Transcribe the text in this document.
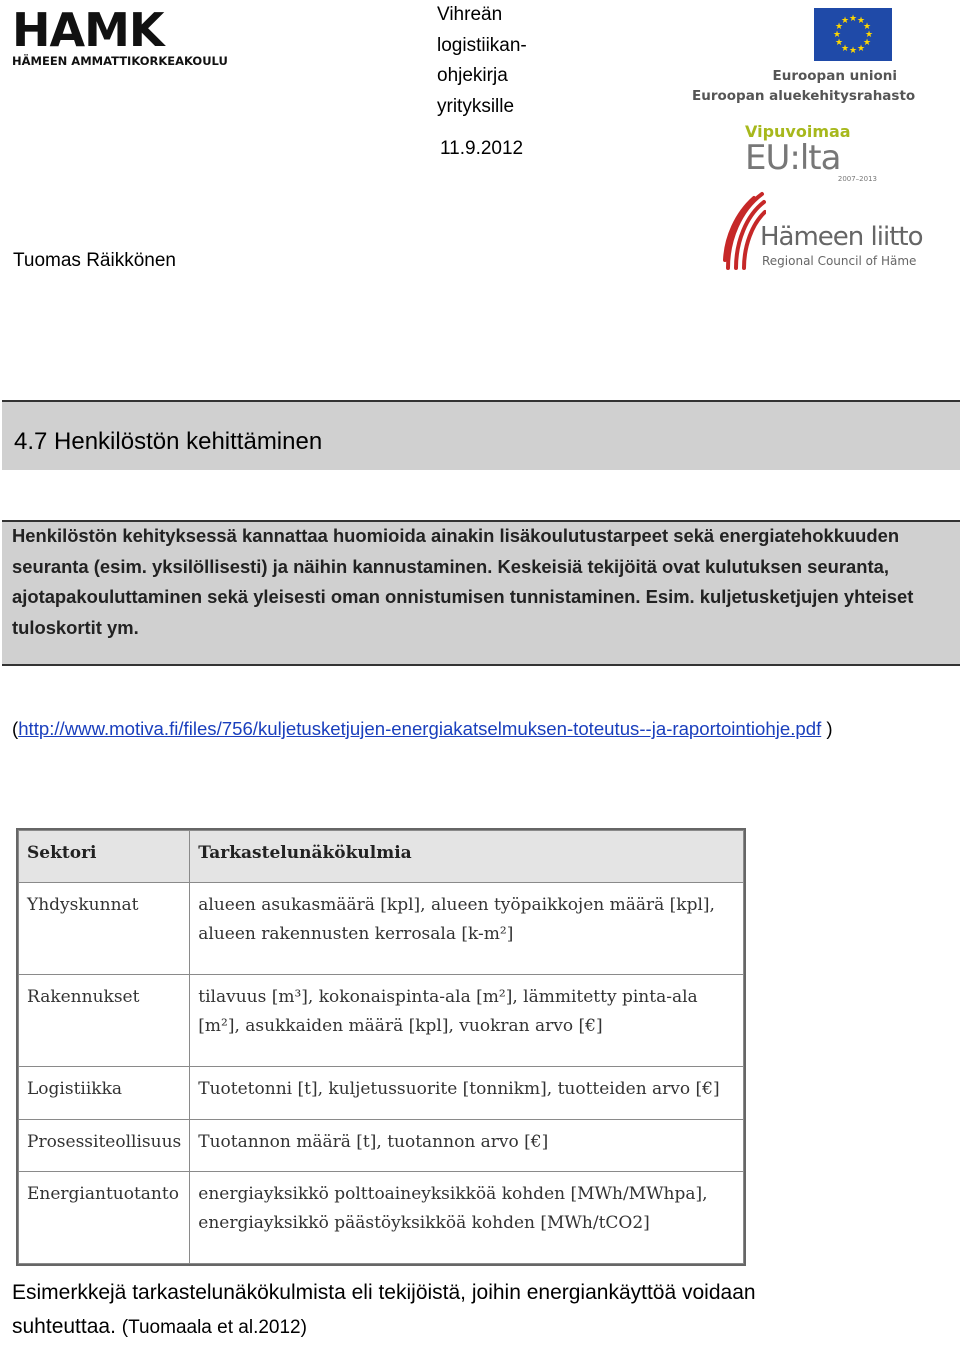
HAMK
HÄMEEN AMMATTIKORKEAKOULU
Vihreän logistiikan-ohjekirja yrityksille
11.9.2012
Tuomas Räikkönen
★ ★
★
★
★
★
★
★
★
★
★
★
Euroopan unioni
Euroopan aluekehitysrahasto
Vipuvoimaa
EU:lta
2007–2013
Hämeen liitto
Regional Council of Häme
4.7 Henkilöstön kehittäminen
Henkilöstön kehityksessä kannattaa huomioida ainakin lisäkoulutustarpeet sekä energiatehokkuuden seuranta (esim. yksilöllisesti) ja näihin kannustaminen. Keskeisiä tekijöitä ovat kulutuksen seuranta, ajotapakouluttaminen sekä yleisesti oman onnistumisen tunnistaminen. Esim. kuljetusketjujen yhteiset tuloskortit ym.
(http://www.motiva.fi/files/756/kuljetusketjujen-energiakatselmuksen-toteutus--ja-raportointiohje.pdf )
Sektori	Tarkastelunäkökulmia
Yhdyskunnat	alueen asukasmäärä [kpl], alueen työpaikkojen määrä [kpl], alueen rakennusten kerrosala [k-m²]
Rakennukset	tilavuus [m³], kokonaispinta-ala [m²], lämmitetty pinta-ala [m²], asukkaiden määrä [kpl], vuokran arvo [€]
Logistiikka	Tuotetonni [t], kuljetussuorite [tonnikm], tuotteiden arvo [€]
Prosessiteollisuus	Tuotannon määrä [t], tuotannon arvo [€]
Energiantuotanto	energiayksikkö polttoaineyksikköä kohden [MWh/MWhpa], energiayksikkö päästöyksikköä kohden [MWh/tCO2]
Esimerkkejä tarkastelunäkökulmista eli tekijöistä, joihin energiankäyttöä voidaan suhteuttaa. (Tuomaala et al.2012)
